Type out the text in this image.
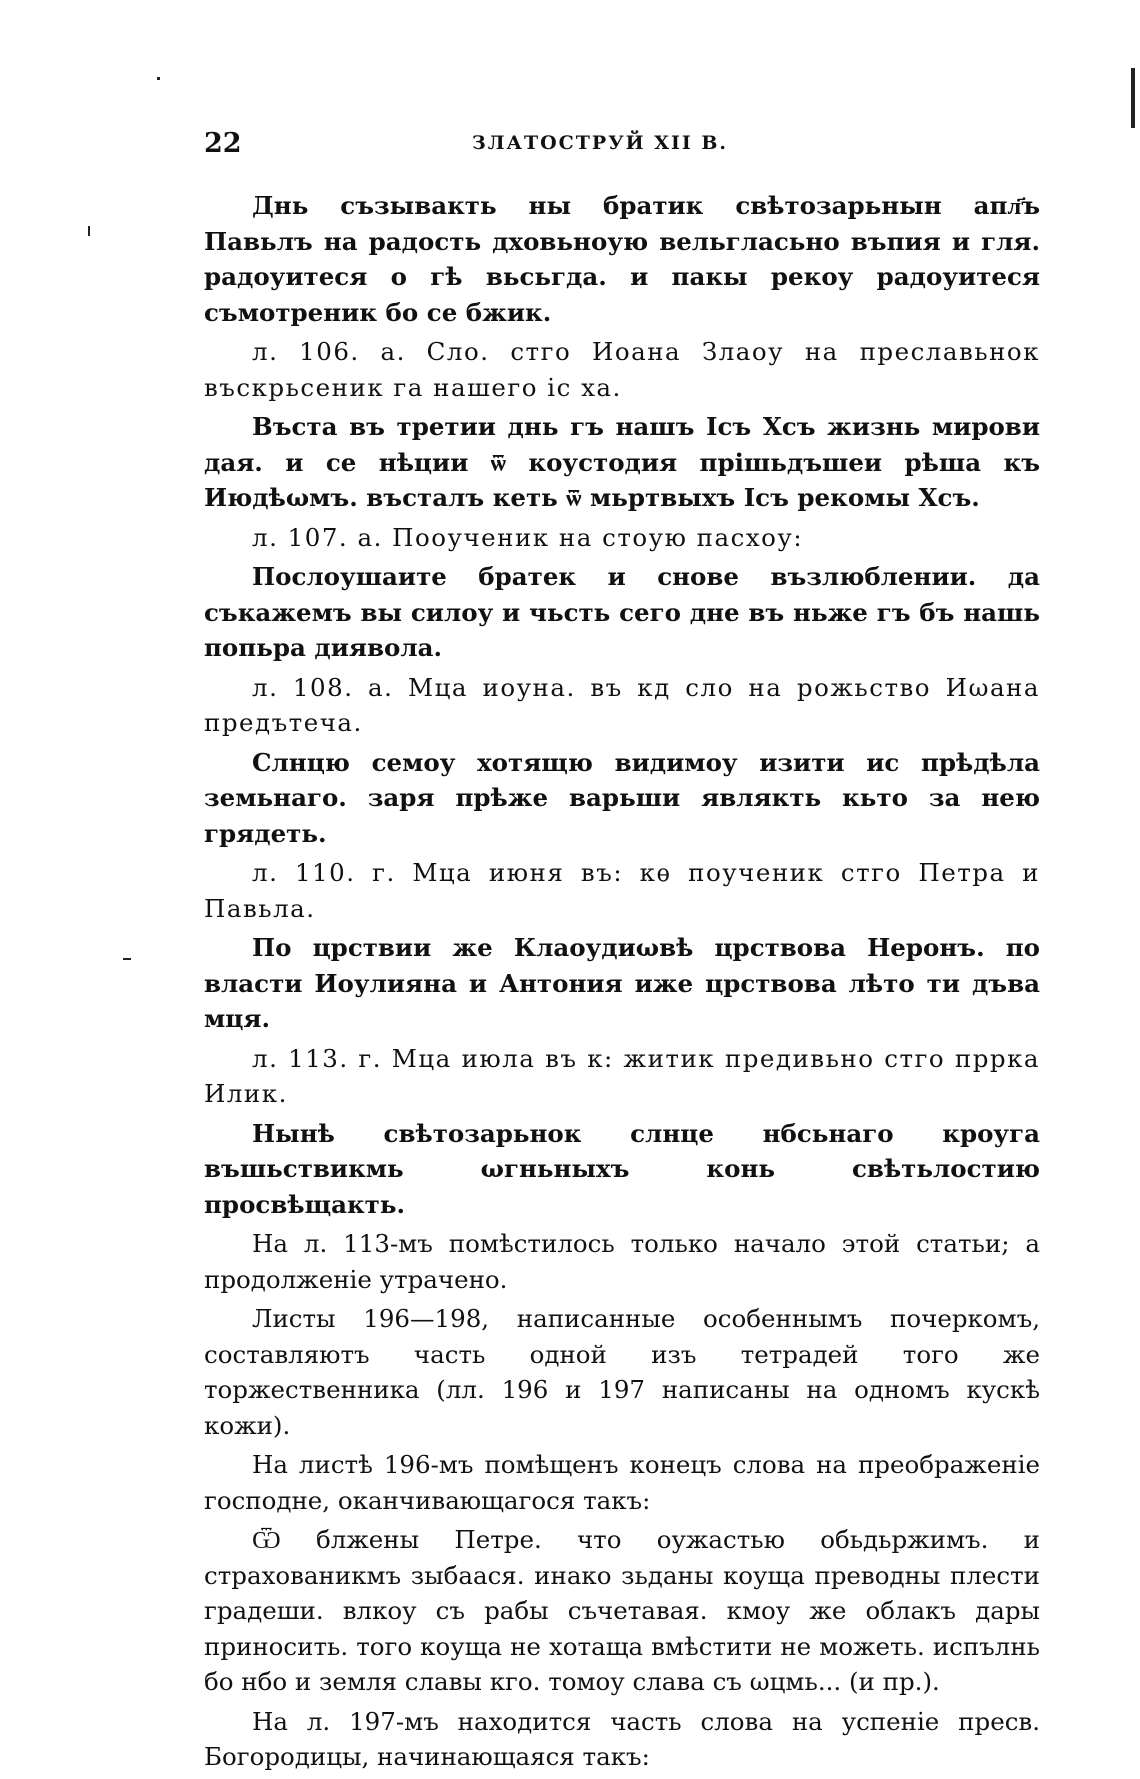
22	ЗЛАТОСТРУЙ XII В.

Днь съзывакть ны братик свѣтозарьнын апл҃ъ Павьлъ на радость дховьноую вельгласьно въпия и гля. радоуитеся о гѣ вьсьгда. и пакы рекоу радоуитеся съмотреник бо се бжик.

л. 106. а. Сло. стго Иоана Злаоу на преславьнок въскрьсеник га нашего іс ха.

Въста въ третии днь гъ нашъ Ісъ Хсъ жизнь мирови дая. и се нѣции ѿ коустодия прішьдъшеи рѣша къ Июдѣωмъ. въсталъ кеть ѿ мьртвыхъ Ісъ рекомы Хсъ.

л. 107. а. Пооученик на стоую пасхоу:

Послоушаите братек и снове възлюблении. да съкажемъ вы силоу и чьсть сего дне въ ньже гъ бъ нашь попьра диявола.

л. 108. а. Мца иоуна. въ кд сло на рожьство Иωана предътеча.

Слнцю семоу хотящю видимоу изити ис прѣдѣла земьнаго. заря прѣже варьши являкть кьто за нею грядеть.

л. 110. г. Мца июня въ: кѳ поученик стго Петра и Павьла.

По црствии же Клаоудиωвѣ црствова Неронъ. по власти Иоулияна и Антония иже црствова лѣто ти дъва мця.

л. 113. г. Мца июла въ к: житик предивьно стго пррка Илик.

Нынѣ свѣтозарьнок слнце нбсьнаго кроуга въшьствикмь ωгньныхъ конь свѣтьлостию просвѣщакть.

На л. 113-мъ помѣстилось только начало этой статьи; а продолженіе утрачено.

Листы 196—198, написанные особеннымъ почеркомъ, составляютъ часть одной изъ тетрадей того же торжественника (лл. 196 и 197 написаны на одномъ кускѣ кожи).

На листѣ 196-мъ помѣщенъ конецъ слова на преображеніе господне, оканчивающагося такъ:

Ѿ блжены Петре. что оужастью обьдьржимъ. и страхованикмъ зыбаася. инако зьданы коуща преводны плести градеши. влкоу съ рабы съчетавая. кмоу же облакъ дары приносить. того коуща не хотаща вмѣстити не можеть. испълнь бо нбо и земля славы кго. томоу слава съ ωцмь... (и пр.).

На л. 197-мъ находится часть слова на успеніе пресв. Богородицы, начинающаяся такъ:
